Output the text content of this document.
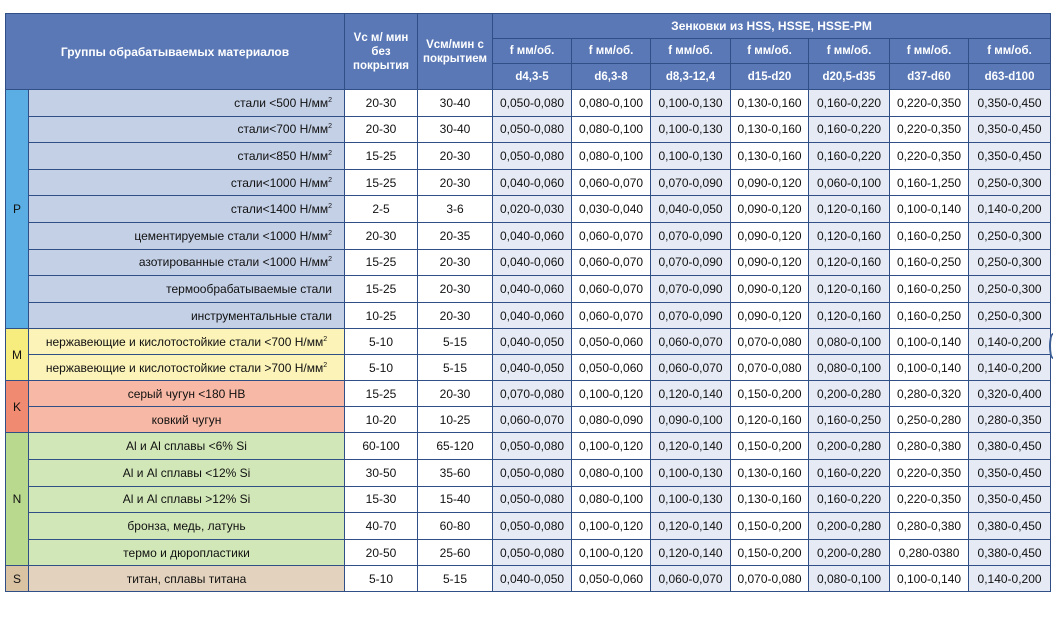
Группы обрабатываемых материалов		Vc м/ мин без покрытия	Vcм/мин с покрытием	Зенковки из HSS, HSSE, HSSE-PM						
				f мм/об.	f мм/об.	f мм/об.	f мм/об.	f мм/об.	f мм/об.	f мм/об.
				d4,3-5	d6,3-8	d8,3-12,4	d15-d20	d20,5-d35	d37-d60	d63-d100
P	стали <500 $Н/мм^2$	20-30	30-40	0,050-0,080	0,080-0,100	0,100-0,130	0,130-0,160	0,160-0,220	0,220-0,350	0,350-0,450
	стали<700 $Н/мм^2$	20-30	30-40	0,050-0,080	0,080-0,100	0,100-0,130	0,130-0,160	0,160-0,220	0,220-0,350	0,350-0,450
	стали<850 $Н/мм^2$	15-25	20-30	0,050-0,080	0,080-0,100	0,100-0,130	0,130-0,160	0,160-0,220	0,220-0,350	0,350-0,450
	стали<1000 $Н/мм^2$	15-25	20-30	0,040-0,060	0,060-0,070	0,070-0,090	0,090-0,120	0,060-0,100	0,160-1,250	0,250-0,300
	стали<1400 $Н/мм^2$	2-5	3-6	0,020-0,030	0,030-0,040	0,040-0,050	0,090-0,120	0,120-0,160	0,100-0,140	0,140-0,200
	цементируемые стали <1000 $Н/мм^2$	20-30	20-35	0,040-0,060	0,060-0,070	0,070-0,090	0,090-0,120	0,120-0,160	0,160-0,250	0,250-0,300
	азотированные стали <1000 $Н/мм^2$	15-25	20-30	0,040-0,060	0,060-0,070	0,070-0,090	0,090-0,120	0,120-0,160	0,160-0,250	0,250-0,300
	термообрабатываемые стали	15-25	20-30	0,040-0,060	0,060-0,070	0,070-0,090	0,090-0,120	0,120-0,160	0,160-0,250	0,250-0,300
	инструментальные стали	10-25	20-30	0,040-0,060	0,060-0,070	0,070-0,090	0,090-0,120	0,120-0,160	0,160-0,250	0,250-0,300
M	нержавеющие и кислотостойкие стали <700 $Н/мм^2$	5-10	5-15	0,040-0,050	0,050-0,060	0,060-0,070	0,070-0,080	0,080-0,100	0,100-0,140	0,140-0,200
	нержавеющие и кислотостойкие стали >700 $Н/мм^2$	5-10	5-15	0,040-0,050	0,050-0,060	0,060-0,070	0,070-0,080	0,080-0,100	0,100-0,140	0,140-0,200
K	серый чугун <180 НВ	15-25	20-30	0,070-0,080	0,100-0,120	0,120-0,140	0,150-0,200	0,200-0,280	0,280-0,320	0,320-0,400
	ковкий чугун	10-20	10-25	0,060-0,070	0,080-0,090	0,090-0,100	0,120-0,160	0,160-0,250	0,250-0,280	0,280-0,350
N	Al и Al сплавы <6% Si	60-100	65-120	0,050-0,080	0,100-0,120	0,120-0,140	0,150-0,200	0,200-0,280	0,280-0,380	0,380-0,450
	Al и Al сплавы <12% Si	30-50	35-60	0,050-0,080	0,080-0,100	0,100-0,130	0,130-0,160	0,160-0,220	0,220-0,350	0,350-0,450
	Al и Al сплавы >12% Si	15-30	15-40	0,050-0,080	0,080-0,100	0,100-0,130	0,130-0,160	0,160-0,220	0,220-0,350	0,350-0,450
	бронза, медь, латунь	40-70	60-80	0,050-0,080	0,100-0,120	0,120-0,140	0,150-0,200	0,200-0,280	0,280-0,380	0,380-0,450
	термо и дюропластики	20-50	25-60	0,050-0,080	0,100-0,120	0,120-0,140	0,150-0,200	0,200-0,280	0,280-0380	0,380-0,450
S	титан, сплавы титана	5-10	5-15	0,040-0,050	0,050-0,060	0,060-0,070	0,070-0,080	0,080-0,100	0,100-0,140	0,140-0,200
